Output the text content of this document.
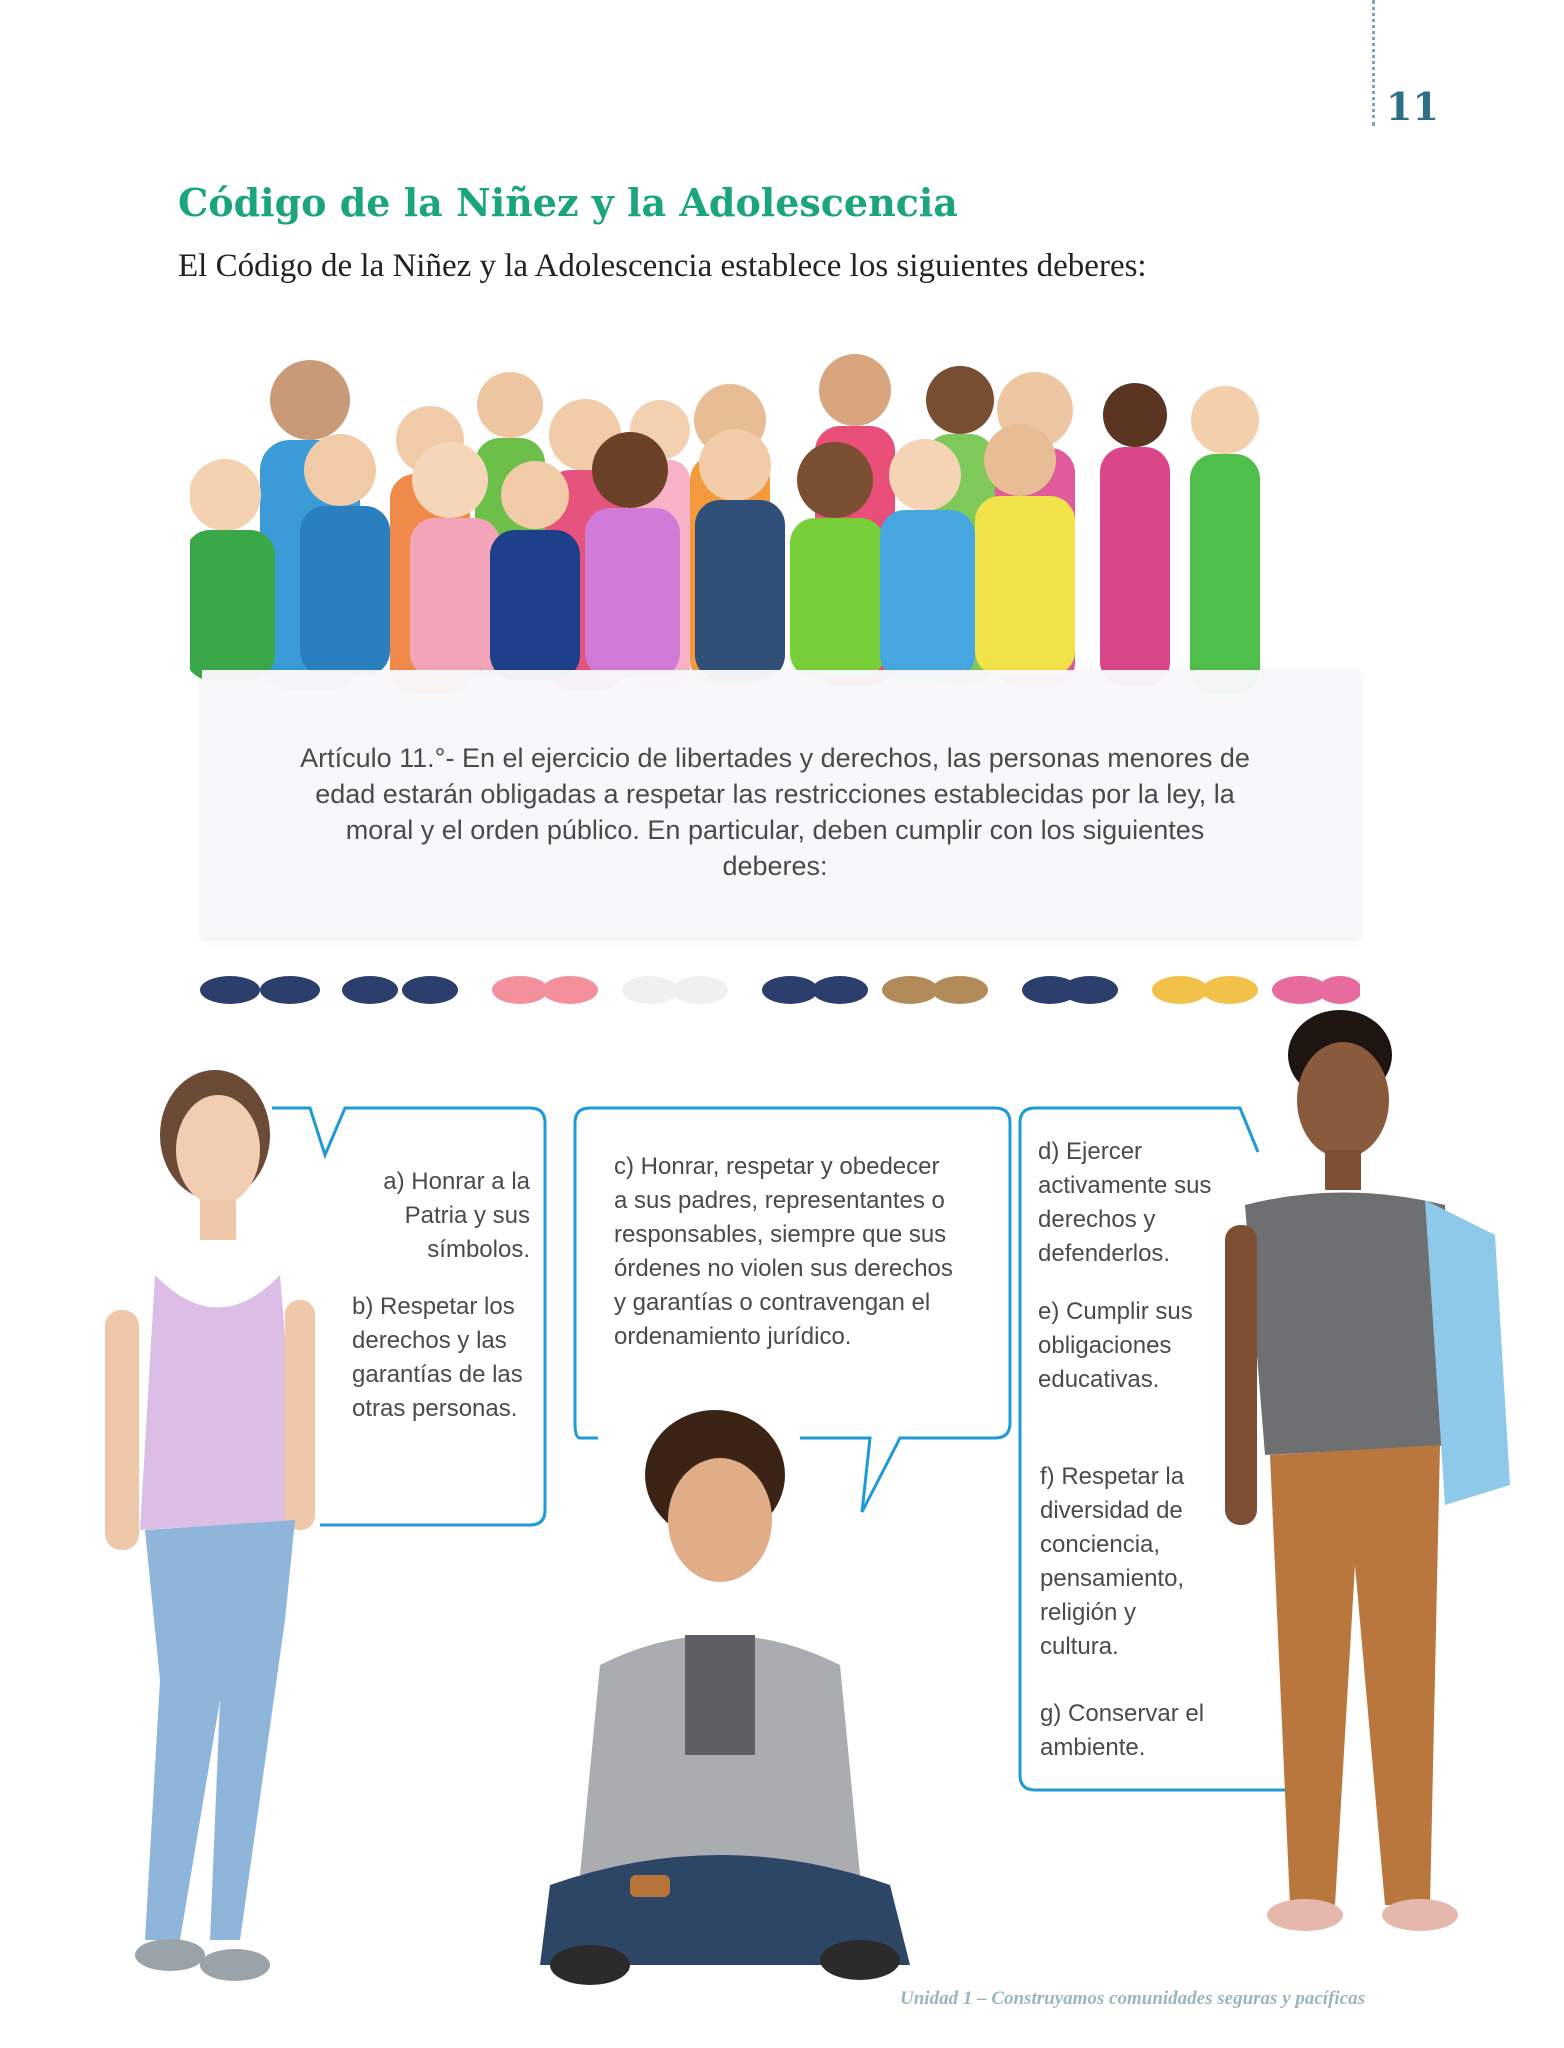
11
Código de la Niñez y la Adolescencia
El Código de la Niñez y la Adolescencia establece los siguientes deberes:
Artículo 11.°- En el ejercicio de libertades y derechos, las personas menores de edad estarán obligadas a respetar las restricciones establecidas por la ley, la moral y el orden público. En particular, deben cumplir con los siguientes deberes:
a) Honrar a la Patria y sus símbolos.
b) Respetar los derechos y las garantías de las otras personas.
c) Honrar, respetar y obedecer a sus padres, representantes o responsables, siempre que sus órdenes no violen sus derechos y garantías o contravengan el ordenamiento jurídico.
d) Ejercer activamente sus derechos y defenderlos.
e) Cumplir sus obligaciones educativas.
f) Respetar la diversidad de conciencia, pensamiento, religión y cultura.
g) Conservar el ambiente.
Unidad 1 – Construyamos comunidades seguras y pacíficas
